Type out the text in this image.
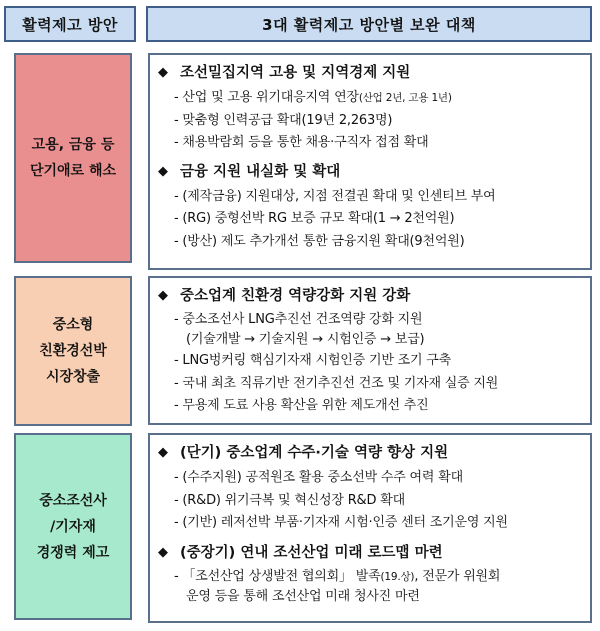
활력제고 방안	3대 활력제고 방안별 보완 대책
고용, 금융 등
단기애로 해소
◆ 조선밀집지역 고용 및 지역경제 지원
- 산업 및 고용 위기대응지역 연장(산업 2년, 고용 1년)
- 맞춤형 인력공급 확대(19년 2,263명)
- 채용박람회 등을 통한 채용·구직자 접점 확대
◆ 금융 지원 내실화 및 확대
- (제작금융) 지원대상, 지점 전결권 확대 및 인센티브 부여
- (RG) 중형선박 RG 보증 규모 확대(1 → 2천억원)
- (방산) 제도 추가개선 통한 금융지원 확대(9천억원)
중소형
친환경선박
시장창출
◆ 중소업계 친환경 역량강화 지원 강화
- 중소조선사 LNG추진선 건조역량 강화 지원
(기술개발 → 기술지원 → 시험인증 → 보급)
- LNG벙커링 핵심기자재 시험인증 기반 조기 구축
- 국내 최초 직류기반 전기추진선 건조 및 기자재 실증 지원
- 무용제 도료 사용 확산을 위한 제도개선 추진
중소조선사
/기자재
경쟁력 제고
◆ (단기) 중소업계 수주·기술 역량 향상 지원
- (수주지원) 공적원조 활용 중소선박 수주 여력 확대
- (R&D) 위기극복 및 혁신성장 R&D 확대
- (기반) 레저선박 부품·기자재 시험·인증 센터 조기운영 지원
◆ (중장기) 연내 조선산업 미래 로드맵 마련
- 「조선산업 상생발전 협의회」 발족(19.상), 전문가 위원회
운영 등을 통해 조선산업 미래 청사진 마련
